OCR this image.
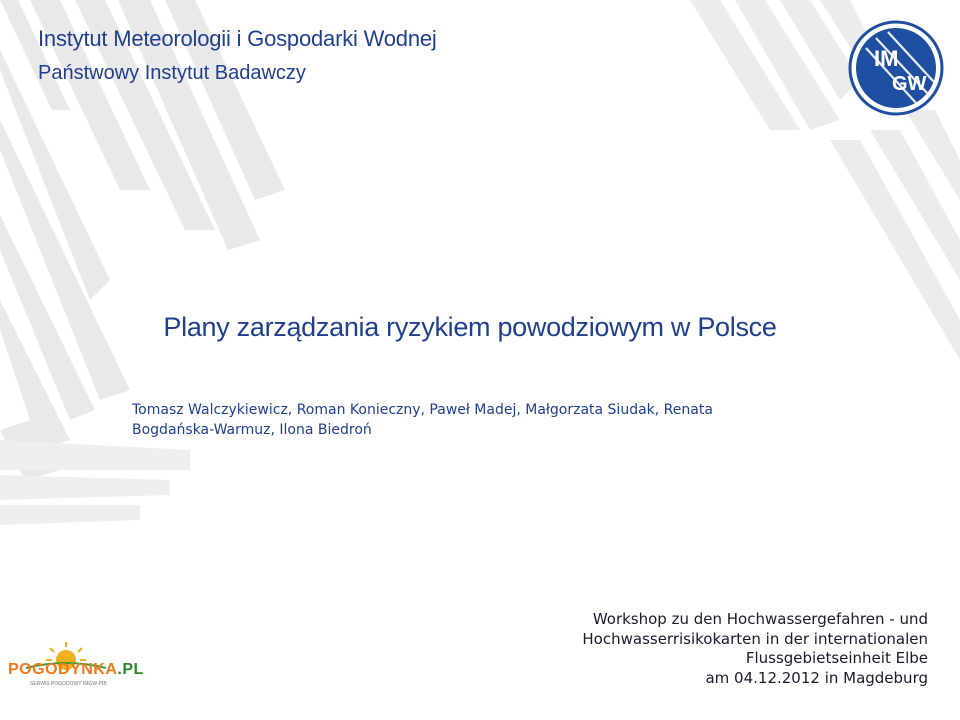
IM
GW
Instytut Meteorologii i Gospodarki Wodnej
Państwowy Instytut Badawczy
Plany zarządzania ryzykiem powodziowym w Polsce
Tomasz Walczykiewicz, Roman Konieczny, Paweł Madej, Małgorzata Siudak, Renata
Bogdańska-Warmuz, Ilona Biedroń
Workshop zu den Hochwassergefahren - und
Hochwasserrisikokarten in der internationalen
Flussgebietseinheit Elbe
am 04.12.2012 in Magdeburg
POGODYNKA.PL
SERWIS POGODOWY IMGW-PIB
